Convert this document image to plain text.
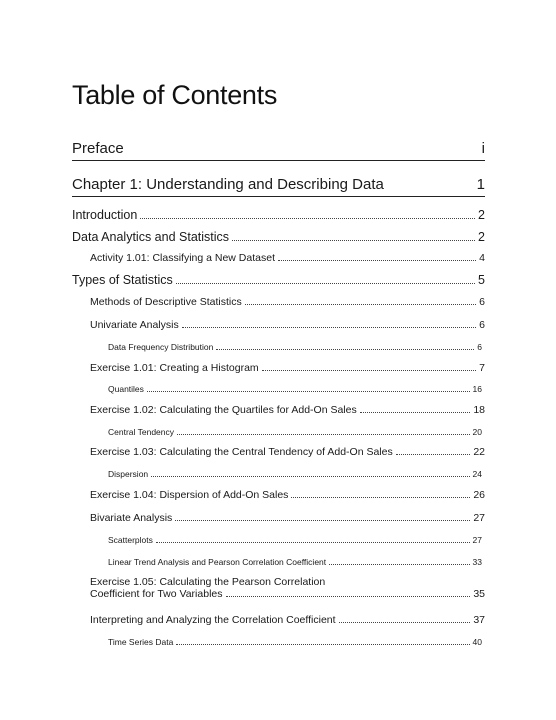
Table of Contents
Preface	i
Chapter 1: Understanding and Describing Data	1
Introduction	2
Data Analytics and Statistics	2
Activity 1.01: Classifying a New Dataset	4
Types of Statistics	5
Methods of Descriptive Statistics	6
Univariate Analysis	6
Data Frequency Distribution	6
Exercise 1.01: Creating a Histogram	7
Quantiles	16
Exercise 1.02: Calculating the Quartiles for Add-On Sales	18
Central Tendency	20
Exercise 1.03: Calculating the Central Tendency of Add-On Sales	22
Dispersion	24
Exercise 1.04: Dispersion of Add-On Sales	26
Bivariate Analysis	27
Scatterplots	27
Linear Trend Analysis and Pearson Correlation Coefficient	33
Exercise 1.05: Calculating the Pearson Correlation
Coefficient for Two Variables	35
Interpreting and Analyzing the Correlation Coefficient	37
Time Series Data	40
